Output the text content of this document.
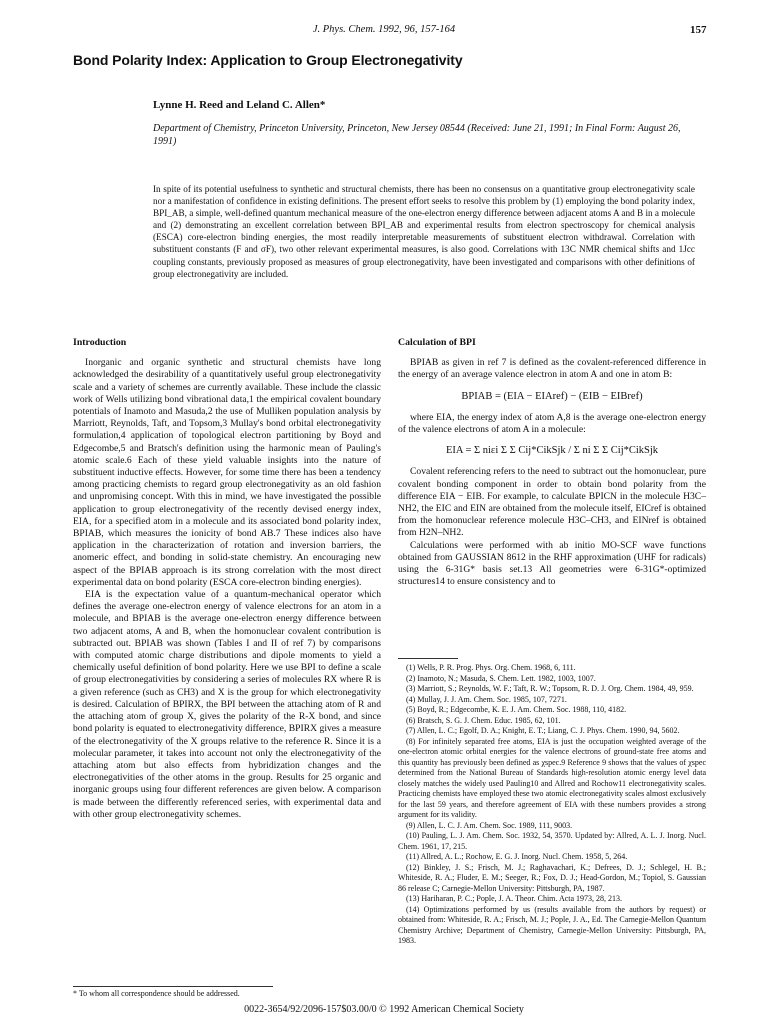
J. Phys. Chem. 1992, 96, 157-164	157
Bond Polarity Index: Application to Group Electronegativity
Lynne H. Reed and Leland C. Allen*
Department of Chemistry, Princeton University, Princeton, New Jersey 08544 (Received: June 21, 1991; In Final Form: August 26, 1991)
In spite of its potential usefulness to synthetic and structural chemists, there has been no consensus on a quantitative group electronegativity scale nor a manifestation of confidence in existing definitions. The present effort seeks to resolve this problem by (1) employing the bond polarity index, BPI_AB, a simple, well-defined quantum mechanical measure of the one-electron energy difference between adjacent atoms A and B in a molecule and (2) demonstrating an excellent correlation between BPI_AB and experimental results from electron spectroscopy for chemical analysis (ESCA) core-electron binding energies, the most readily interpretable measurements of substituent electron withdrawal. Correlation with substituent constants (F and σF), two other relevant experimental measures, is also good. Correlations with 13C NMR chemical shifts and 1Jcc coupling constants, previously proposed as measures of group electronegativity, have been investigated and comparisons with other definitions of group electronegativity are included.
Introduction

Inorganic and organic synthetic and structural chemists have long acknowledged the desirability of a quantitatively useful group electronegativity scale and a variety of schemes are currently available. These include the classic work of Wells utilizing bond vibrational data,1 the empirical covalent boundary potentials of Inamoto and Masuda,2 the use of Mulliken population analysis by Marriott, Reynolds, Taft, and Topsom,3 Mullay's bond orbital electronegativity formulation,4 application of topological electron partitioning by Boyd and Edgecombe,5 and Bratsch's definition using the harmonic mean of Pauling's atomic scale.6 Each of these yield valuable insights into the nature of substituent inductive effects. However, for some time there has been a tendency among practicing chemists to regard group electronegativity as an old fashion and unpromising concept. With this in mind, we have investigated the possible application to group electronegativity of the recently devised energy index, EIA, for a specified atom in a molecule and its associated bond polarity index, BPIAB, which measures the ionicity of bond AB.7 These indices also have application in the characterization of rotation and inversion barriers, the anomeric effect, and bonding in solid-state chemistry. An encouraging new aspect of the BPIAB approach is its strong correlation with the most direct experimental data on bond polarity (ESCA core-electron binding energies).

EIA is the expectation value of a quantum-mechanical operator which defines the average one-electron energy of valence electrons for an atom in a molecule, and BPIAB is the average one-electron energy difference between two adjacent atoms, A and B, when the homonuclear covalent contribution is subtracted out. BPIAB was shown (Tables I and II of ref 7) by comparisons with computed atomic charge distributions and dipole moments to yield a chemically useful definition of bond polarity. Here we use BPI to define a scale of group electronegativities by considering a series of molecules RX where R is a given reference (such as CH3) and X is the group for which electronegativity is desired. Calculation of BPIRX, the BPI between the attaching atom of R and the attaching atom of group X, gives the polarity of the R-X bond, and since bond polarity is equated to electronegativity difference, BPIRX gives a measure of the electronegativity of the X groups relative to the reference R. Since it is a molecular parameter, it takes into account not only the electronegativity of the attaching atom but also effects from hybridization changes and the electronegativities of the other atoms in the group. Results for 25 organic and inorganic groups using four different references are given below. A comparison is made between the differently referenced series, with experimental data and with other group electronegativity schemes.

Calculation of BPI

BPIAB as given in ref 7 is defined as the covalent-referenced difference in the energy of an average valence electron in atom A and one in atom B:

BPIAB = (EIA − EIAref) − (EIB − EIBref)

where EIA, the energy index of atom A,8 is the average one-electron energy of the valence electrons of atom A in a molecule:

EIA = Σ niεi Σ Σ Cij*CikSjk / Σ ni Σ Σ Cij*CikSjk

Covalent referencing refers to the need to subtract out the homonuclear, pure covalent bonding component in order to obtain bond polarity from the difference EIA − EIB. For example, to calculate BPICN in the molecule H3C–NH2, the EIC and EIN are obtained from the molecule itself, EICref is obtained from the homonuclear reference molecule H3C–CH3, and EINref is obtained from H2N–NH2.

Calculations were performed with ab initio MO-SCF wave functions obtained from GAUSSIAN 8612 in the RHF approximation (UHF for radicals) using the 6-31G* basis set.13 All geometries were 6-31G*-optimized structures14 to ensure consistency and to

(1) Wells, P. R. Prog. Phys. Org. Chem. 1968, 6, 111.
(2) Inamoto, N.; Masuda, S. Chem. Lett. 1982, 1003, 1007.
(3) Marriott, S.; Reynolds, W. F.; Taft, R. W.; Topsom, R. D. J. Org. Chem. 1984, 49, 959.
(4) Mullay, J. J. Am. Chem. Soc. 1985, 107, 7271.
(5) Boyd, R.; Edgecombe, K. E. J. Am. Chem. Soc. 1988, 110, 4182.
(6) Bratsch, S. G. J. Chem. Educ. 1985, 62, 101.
(7) Allen, L. C.; Egolf, D. A.; Knight, E. T.; Liang, C. J. Phys. Chem. 1990, 94, 5602.
(8) For infinitely separated free atoms, EIA is just the occupation weighted average of the one-electron atomic orbital energies for the valence electrons of ground-state free atoms and this quantity has previously been defined as χspec.9 Reference 9 shows that the values of χspec determined from the National Bureau of Standards high-resolution atomic energy level data closely matches the widely used Pauling10 and Allred and Rochow11 electronegativity scales. Practicing chemists have employed these two atomic electronegativity scales almost exclusively for the last 59 years, and therefore agreement of EIA with these numbers provides a strong argument for its validity.
(9) Allen, L. C. J. Am. Chem. Soc. 1989, 111, 9003.
(10) Pauling, L. J. Am. Chem. Soc. 1932, 54, 3570. Updated by: Allred, A. L. J. Inorg. Nucl. Chem. 1961, 17, 215.
(11) Allred, A. L.; Rochow, E. G. J. Inorg. Nucl. Chem. 1958, 5, 264.
(12) Binkley, J. S.; Frisch, M. J.; Raghavachari, K.; Defrees, D. J.; Schlegel, H. B.; Whiteside, R. A.; Fluder, E. M.; Seeger, R.; Fox, D. J.; Head-Gordon, M.; Topiol, S. Gaussian 86 release C; Carnegie-Mellon University: Pittsburgh, PA, 1987.
(13) Hariharan, P. C.; Pople, J. A. Theor. Chim. Acta 1973, 28, 213.
(14) Optimizations performed by us (results available from the authors by request) or obtained from: Whiteside, R. A.; Frisch, M. J.; Pople, J. A., Ed. The Carnegie-Mellon Quantum Chemistry Archive; Department of Chemistry, Carnegie-Mellon University: Pittsburgh, PA, 1983.
* To whom all correspondence should be addressed.
0022-3654/92/2096-157$03.00/0 © 1992 American Chemical Society
